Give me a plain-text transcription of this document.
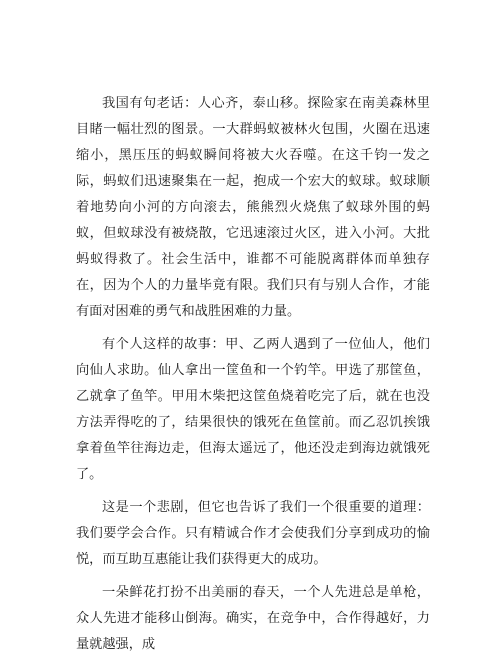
我国有句老话：人心齐，泰山移。探险家在南美森林里目睹一幅壮烈的图景。一大群蚂蚁被林火包围，火圈在迅速缩小，黑压压的蚂蚁瞬间将被大火吞噬。在这千钧一发之际，蚂蚁们迅速聚集在一起，抱成一个宏大的蚁球。蚁球顺着地势向小河的方向滚去，熊熊烈火烧焦了蚁球外围的蚂蚁，但蚁球没有被烧散，它迅速滚过火区，进入小河。大批蚂蚁得救了。社会生活中，谁都不可能脱离群体而单独存在，因为个人的力量毕竟有限。我们只有与别人合作，才能有面对困难的勇气和战胜困难的力量。

有个人这样的故事：甲、乙两人遇到了一位仙人，他们向仙人求助。仙人拿出一筐鱼和一个钓竿。甲选了那筐鱼，乙就拿了鱼竿。甲用木柴把这筐鱼烧着吃完了后，就在也没方法弄得吃的了，结果很快的饿死在鱼筐前。而乙忍饥挨饿拿着鱼竿往海边走，但海太遥远了，他还没走到海边就饿死了。

这是一个悲剧，但它也告诉了我们一个很重要的道理：我们要学会合作。只有精诚合作才会使我们分享到成功的愉悦，而互助互惠能让我们获得更大的成功。

一朵鲜花打扮不出美丽的春天，一个人先进总是单枪，众人先进才能移山倒海。确实，在竞争中，合作得越好，力量就越强，成
